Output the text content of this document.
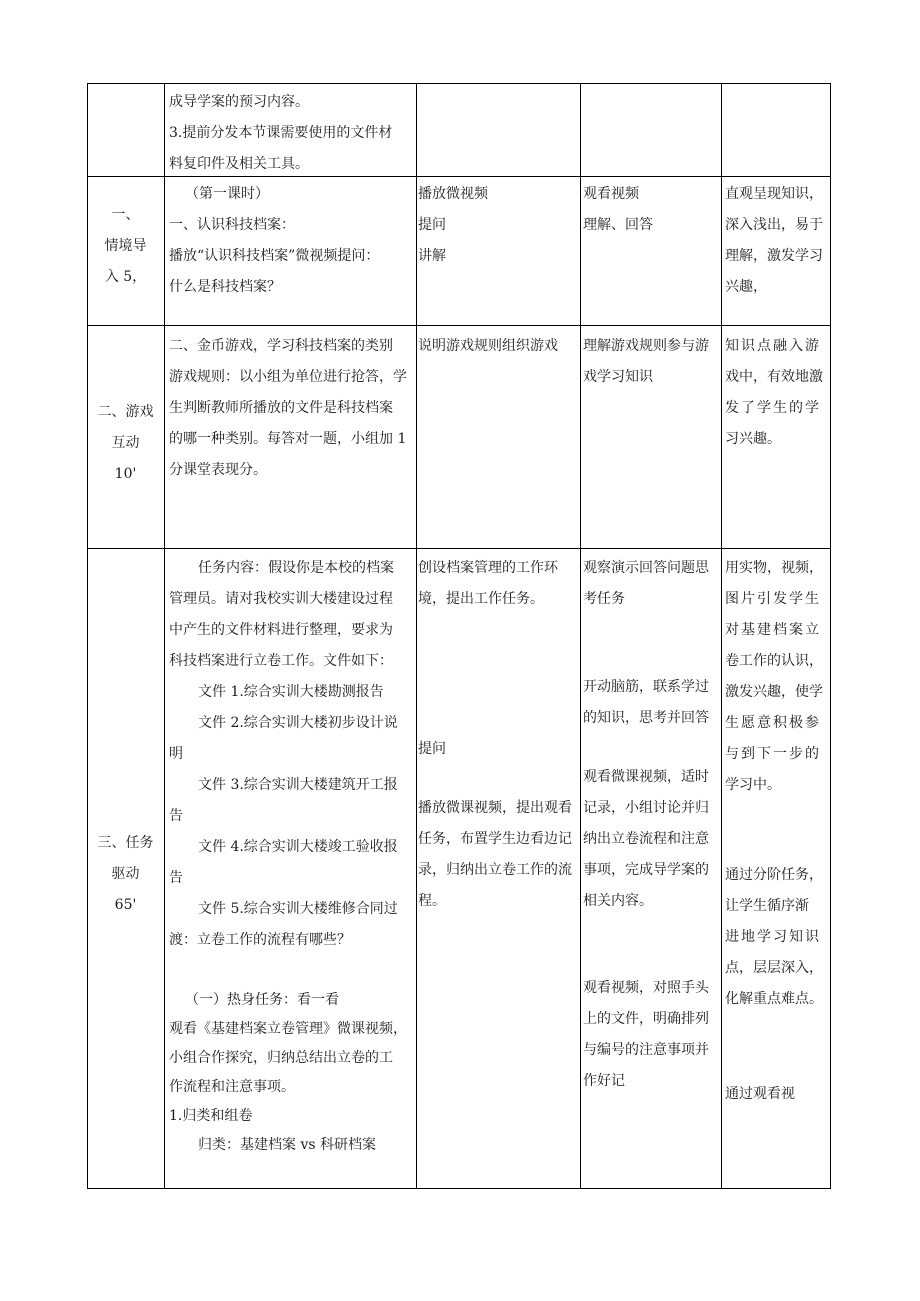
成导学案的预习内容。
3.提前分发本节课需要使用的文件材
料复印件及相关工具。
一、
情境导
入 5，
（第一课时）
一、认识科技档案：
播放“认识科技档案”微视频提问：
什么是科技档案？
播放微视频
提问
讲解
观看视频
理解、回答
直观呈现知识，
深入浅出，易于
理解，激发学习
兴趣，
二、游戏
互动
10'
二、金币游戏，学习科技档案的类别
游戏规则：以小组为单位进行抢答，学
生判断教师所播放的文件是科技档案
的哪一种类别。每答对一题，小组加 1
分课堂表现分。
说明游戏规则组织游戏 理解游戏规则参与游
戏学习知识
知识点融入游
戏中，有效地激
发了学生的学
习兴趣。
三、任务
驱动
65'
任务内容：假设你是本校的档案
管理员。请对我校实训大楼建设过程
中产生的文件材料进行整理，要求为
科技档案进行立卷工作。文件如下：
文件 1.综合实训大楼勘测报告
文件 2.综合实训大楼初步设计说
明
文件 3.综合实训大楼建筑开工报
告
文件 4.综合实训大楼竣工验收报
告
文件 5.综合实训大楼维修合同过
渡：立卷工作的流程有哪些？
（一）热身任务：看一看
观看《基建档案立卷管理》微课视频，
小组合作探究，归纳总结出立卷的工
作流程和注意事项。
1.归类和组卷
归类：基建档案 vs 科研档案
创设档案管理的工作环
境，提出工作任务。
提问
播放微课视频，提出观看
任务，布置学生边看边记
录，归纳出立卷工作的流
程。
观察演示回答问题思
考任务
开动脑筋，联系学过
的知识，思考并回答
观看微课视频，适时
记录，小组讨论并归
纳出立卷流程和注意
事项，完成导学案的
相关内容。
观看视频，对照手头
上的文件，明确排列
与编号的注意事项并
作好记
用实物，视频，
图片引发学生
对基建档案立
卷工作的认识，
激发兴趣，使学
生愿意积极参
与到下一步的
学习中。
通过分阶任务，
让学生循序渐
进地学习知识
点，层层深入，
化解重点难点。
通过观看视
